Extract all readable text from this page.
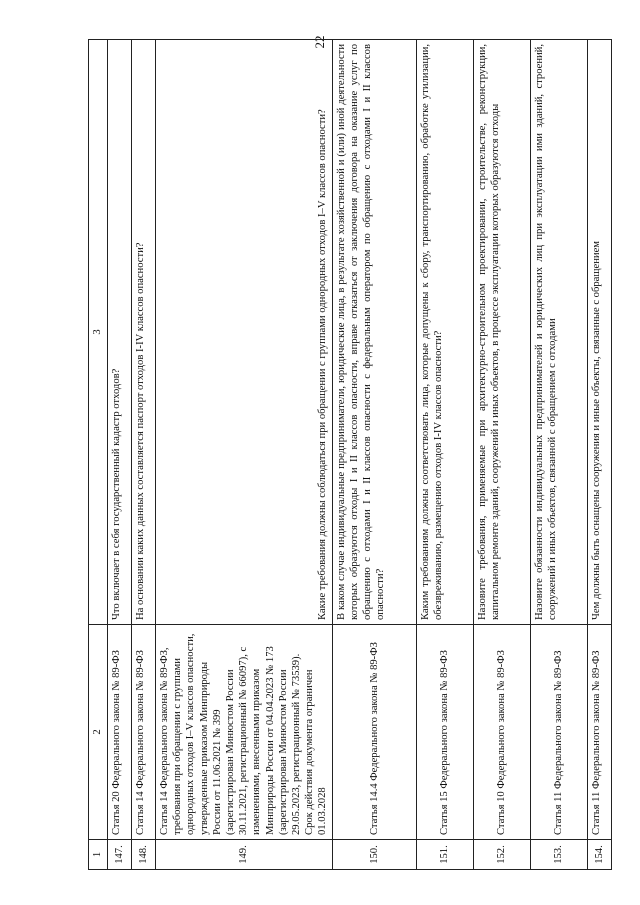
22
1	2	3
147.	Статья 20 Федерального закона № 89-ФЗ	Что включает в себя государственный кадастр отходов?
148.	Статья 14 Федерального закона № 89-ФЗ	На основании каких данных составляется паспорт отходов I-IV классов опасности?
149.	Статья 14 Федерального закона № 89-ФЗ, требования при обращении с группами однородных отходов I–V классов опасности, утвержденные приказом Минприроды России от 11.06.2021 № 399 (зарегистрирован Минюстом России 30.11.2021, регистрационный № 66097), с изменениями, внесенными приказом Минприроды России от 04.04.2023 № 173 (зарегистрирован Минюстом России 29.05.2023, регистрационный № 73539). Срок действия документа ограничен 01.03.2028	Какие требования должны соблюдаться при обращении с группами однородных отходов I–V классов опасности?
150.	Статья 14.4 Федерального закона № 89-ФЗ	В каком случае индивидуальные предприниматели, юридические лица, в результате хозяйственной и (или) иной деятельности которых образуются отходы I и II классов опасности, вправе отказаться от заключения договора на оказание услуг по обращению с отходами I и II классов опасности с федеральным оператором по обращению с отходами I и II классов опасности?
151.	Статья 15 Федерального закона № 89-ФЗ	Каким требованиям должны соответствовать лица, которые допущены к сбору, транспортированию, обработке утилизации, обезвреживанию, размещению отходов I-IV классов опасности?
152.	Статья 10 Федерального закона № 89-ФЗ	Назовите требования, применяемые при архитектурно-строительном проектировании, строительстве, реконструкции, капитальном ремонте зданий, сооружений и иных объектов, в процессе эксплуатации которых образуются отходы
153.	Статья 11 Федерального закона № 89-ФЗ	Назовите обязанности индивидуальных предпринимателей и юридических лиц при эксплуатации ими зданий, строений, сооружений и иных объектов, связанной с обращением с отходами
154.	Статья 11 Федерального закона № 89-ФЗ	Чем должны быть оснащены сооружения и иные объекты, связанные с обращением
